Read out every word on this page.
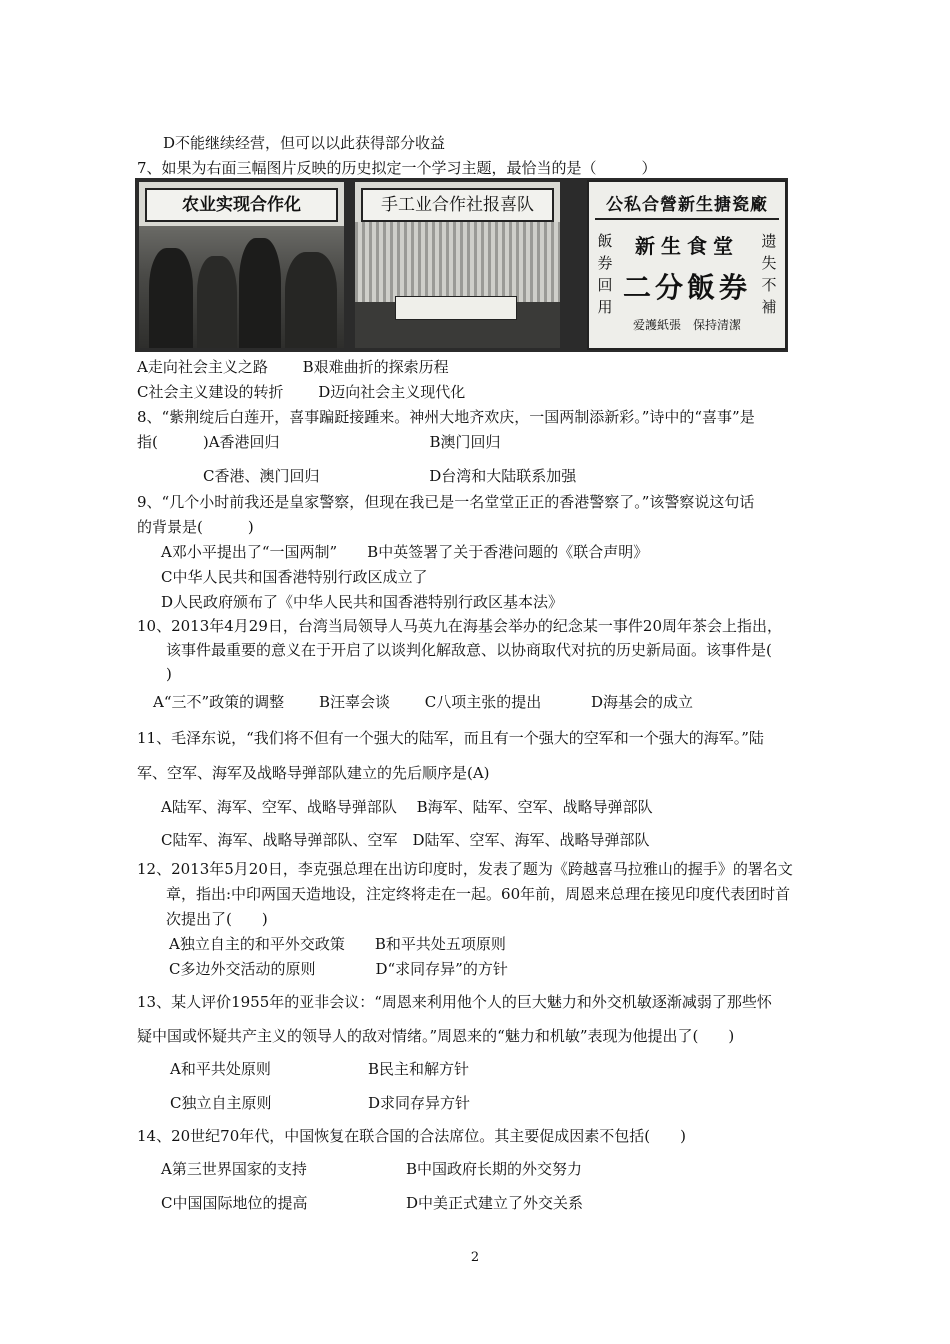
D不能继续经营，但可以以此获得部分收益
7、如果为右面三幅图片反映的历史拟定一个学习主题，最恰当的是（　　　）
农业实现合作化	手工业合作社报喜队	公私合營新生搪瓷廠
飯券回用
遗失不補
新生食堂
二分飯券
爱護紙張　保持清潔
A走向社会主义之路　　 B艰难曲折的探索历程
C社会主义建设的转折　　 D迈向社会主义现代化
8、“紫荆绽后白莲开，喜事蹁跹接踵来。神州大地齐欢庆，一国两制添新彩。”诗中的“喜事”是
指(　　　)A香港回归　　　　　　　　　　B澳门回归
C香港、澳门回归　　　　　　　 D台湾和大陆联系加强
9、“几个小时前我还是皇家警察，但现在我已是一名堂堂正正的香港警察了。”该警察说这句话
的背景是(　　　)
A邓小平提出了“一国两制”　　B中英签署了关于香港问题的《联合声明》
C中华人民共和国香港特别行政区成立了
D人民政府颁布了《中华人民共和国香港特别行政区基本法》
10、2013年4月29日，台湾当局领导人马英九在海基会举办的纪念某一事件20周年茶会上指出，
该事件最重要的意义在于开启了以谈判化解敌意、以协商取代对抗的历史新局面。该事件是(
)
A“三不”政策的调整　　 B汪辜会谈　　 C八项主张的提出　　　 D海基会的成立
11、毛泽东说，“我们将不但有一个强大的陆军，而且有一个强大的空军和一个强大的海军。”陆
军、空军、海军及战略导弹部队建立的先后顺序是(A)
A陆军、海军、空军、战略导弹部队　 B海军、陆军、空军、战略导弹部队
C陆军、海军、战略导弹部队、空军　D陆军、空军、海军、战略导弹部队
12、2013年5月20日，李克强总理在出访印度时，发表了题为《跨越喜马拉雅山的握手》的署名文
章，指出:中印两国天造地设，注定终将走在一起。60年前，周恩来总理在接见印度代表团时首
次提出了(　　)
A独立自主的和平外交政策　　B和平共处五项原则
C多边外交活动的原则　　　　D“求同存异”的方针
13、某人评价1955年的亚非会议：“周恩来利用他个人的巨大魅力和外交机敏逐渐减弱了那些怀
疑中国或怀疑共产主义的领导人的敌对情绪。”周恩来的“魅力和机敏”表现为他提出了(　　)
A和平共处原则	B民主和解方针
C独立自主原则	D求同存异方针
14、20世纪70年代，中国恢复在联合国的合法席位。其主要促成因素不包括(　　)
A第三世界国家的支持	B中国政府长期的外交努力
C中国国际地位的提高	D中美正式建立了外交关系
2
